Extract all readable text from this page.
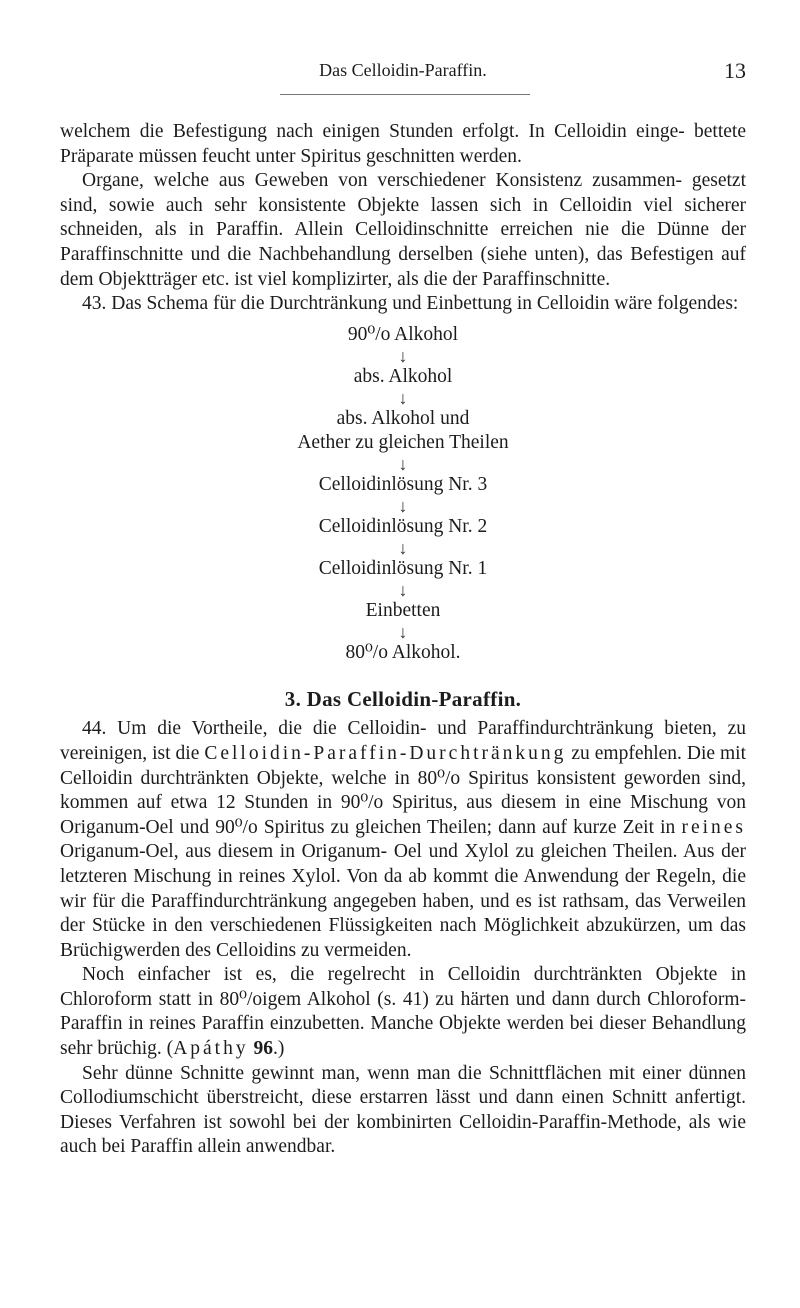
Das Celloidin-Paraffin.	13

welchem die Befestigung nach einigen Stunden erfolgt. In Celloidin einge- bettete Präparate müssen feucht unter Spiritus geschnitten werden.

Organe, welche aus Geweben von verschiedener Konsistenz zusammen- gesetzt sind, sowie auch sehr konsistente Objekte lassen sich in Celloidin viel sicherer schneiden, als in Paraffin. Allein Celloidinschnitte erreichen nie die Dünne der Paraffinschnitte und die Nachbehandlung derselben (siehe unten), das Befestigen auf dem Objektträger etc. ist viel komplizirter, als die der Paraffinschnitte.

43. Das Schema für die Durchtränkung und Einbettung in Celloidin wäre folgendes:

90⁰/o Alkohol
↓
abs. Alkohol
↓
abs. Alkohol und
Aether zu gleichen Theilen
↓
Celloidinlösung Nr. 3
↓
Celloidinlösung Nr. 2
↓
Celloidinlösung Nr. 1
↓
Einbetten
↓
80⁰/o Alkohol.
3. Das Celloidin-Paraffin.

44. Um die Vortheile, die die Celloidin- und Paraffindurchtränkung bieten, zu vereinigen, ist die Celloidin-Paraffin-Durchtränkung zu empfehlen. Die mit Celloidin durchtränkten Objekte, welche in 80⁰/o Spiritus konsistent geworden sind, kommen auf etwa 12 Stunden in 90⁰/o Spiritus, aus diesem in eine Mischung von Origanum-Oel und 90⁰/o Spiritus zu gleichen Theilen; dann auf kurze Zeit in reines Origanum-Oel, aus diesem in Origanum- Oel und Xylol zu gleichen Theilen. Aus der letzteren Mischung in reines Xylol. Von da ab kommt die Anwendung der Regeln, die wir für die Paraffindurchtränkung angegeben haben, und es ist rathsam, das Verweilen der Stücke in den verschiedenen Flüssigkeiten nach Möglichkeit abzukürzen, um das Brüchigwerden des Celloidins zu vermeiden.

Noch einfacher ist es, die regelrecht in Celloidin durchtränkten Objekte in Chloroform statt in 80⁰/oigem Alkohol (s. 41) zu härten und dann durch Chloroform-Paraffin in reines Paraffin einzubetten. Manche Objekte werden bei dieser Behandlung sehr brüchig. (Apáthy 96.)

Sehr dünne Schnitte gewinnt man, wenn man die Schnittflächen mit einer dünnen Collodiumschicht überstreicht, diese erstarren lässt und dann einen Schnitt anfertigt. Dieses Verfahren ist sowohl bei der kombinirten Celloidin-Paraffin-Methode, als wie auch bei Paraffin allein anwendbar.
